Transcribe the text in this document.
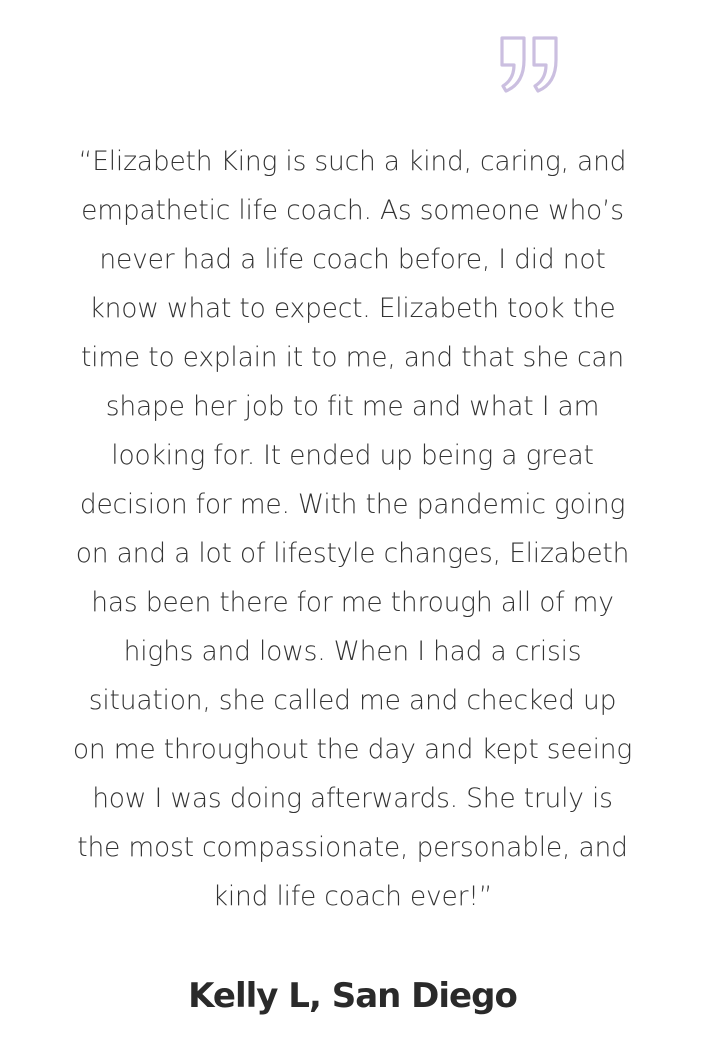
“Elizabeth King is such a kind, caring, and
empathetic life coach. As someone who’s
never had a life coach before, I did not
know what to expect. Elizabeth took the
time to explain it to me, and that she can
shape her job to fit me and what I am
looking for. It ended up being a great
decision for me. With the pandemic going
on and a lot of lifestyle changes, Elizabeth
has been there for me through all of my
highs and lows. When I had a crisis
situation, she called me and checked up
on me throughout the day and kept seeing
how I was doing afterwards. She truly is
the most compassionate, personable, and
kind life coach ever!”

Kelly L, San Diego
